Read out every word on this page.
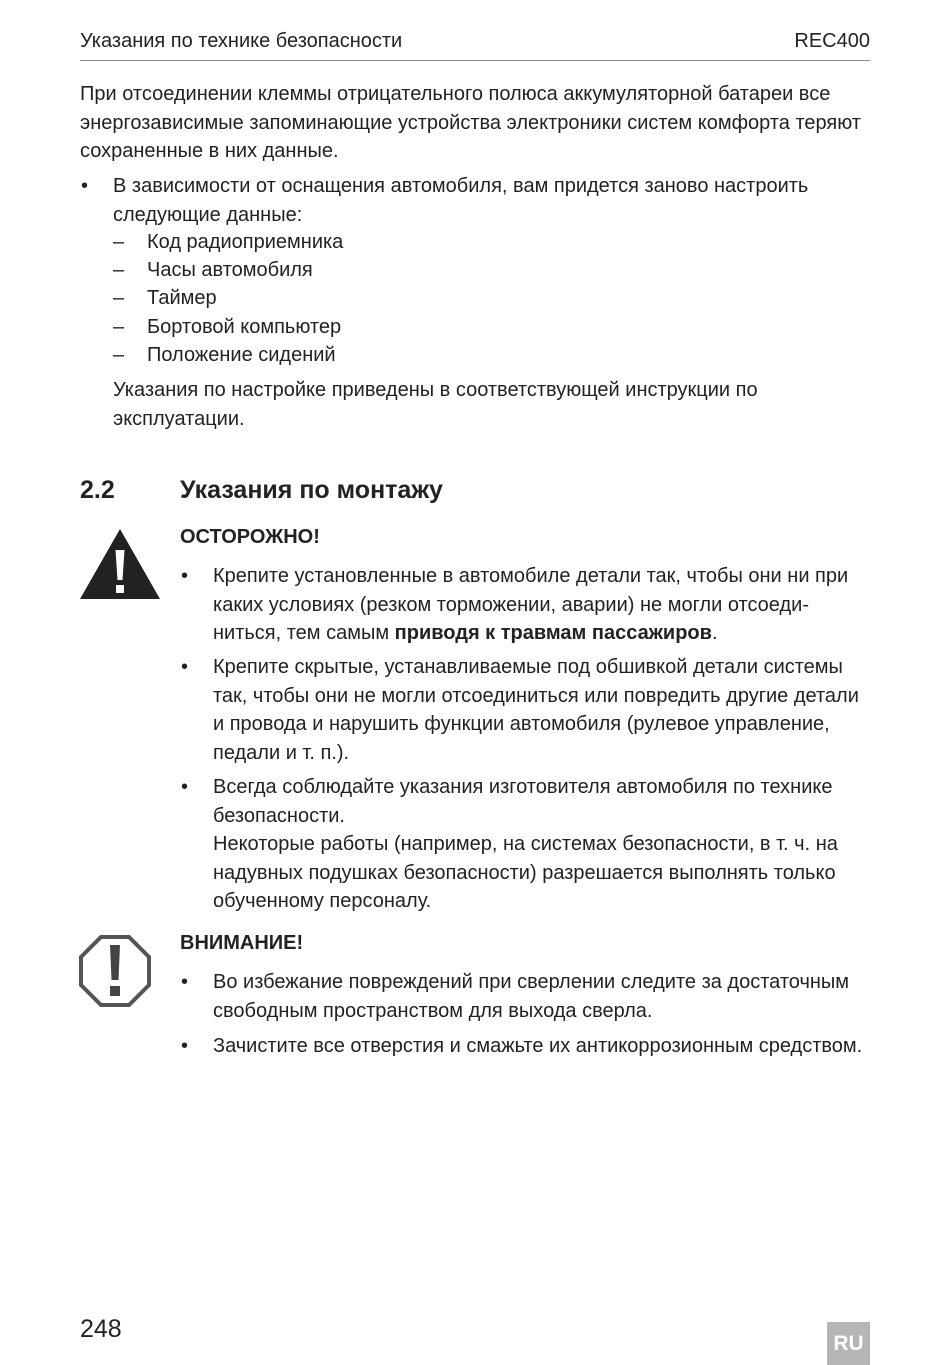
Указания по технике безопасности	REC400

При отсоединении клеммы отрицательного полюса аккумуляторной батареи все энергозависимые запоминающие устройства электроники систем комфорта теряют сохраненные в них данные.

• В зависимости от оснащения автомобиля, вам придется заново настроить следующие данные:
– Код радиоприемника
– Часы автомобиля
– Таймер
– Бортовой компьютер
– Положение сидений

Указания по настройке приведены в соответствующей инструкции по эксплуатации.

2.2	Указания по монтажу
ОСТОРОЖНО!
• Крепите установленные в автомобиле детали так, чтобы они ни при каких условиях (резком торможении, аварии) не могли отсоеди-ниться, тем самым приводя к травмам пассажиров.
• Крепите скрытые, устанавливаемые под обшивкой детали системы так, чтобы они не могли отсоединиться или повредить другие детали и провода и нарушить функции автомобиля (рулевое управление, педали и т. п.).
• Всегда соблюдайте указания изготовителя автомобиля по технике безопасности.
Некоторые работы (например, на системах безопасности, в т. ч. на надувных подушках безопасности) разрешается выполнять только обученному персоналу.
ВНИМАНИЕ!
• Во избежание повреждений при сверлении следите за достаточным свободным пространством для выхода сверла.
• Зачистите все отверстия и смажьте их антикоррозионным средством.
248
RU
